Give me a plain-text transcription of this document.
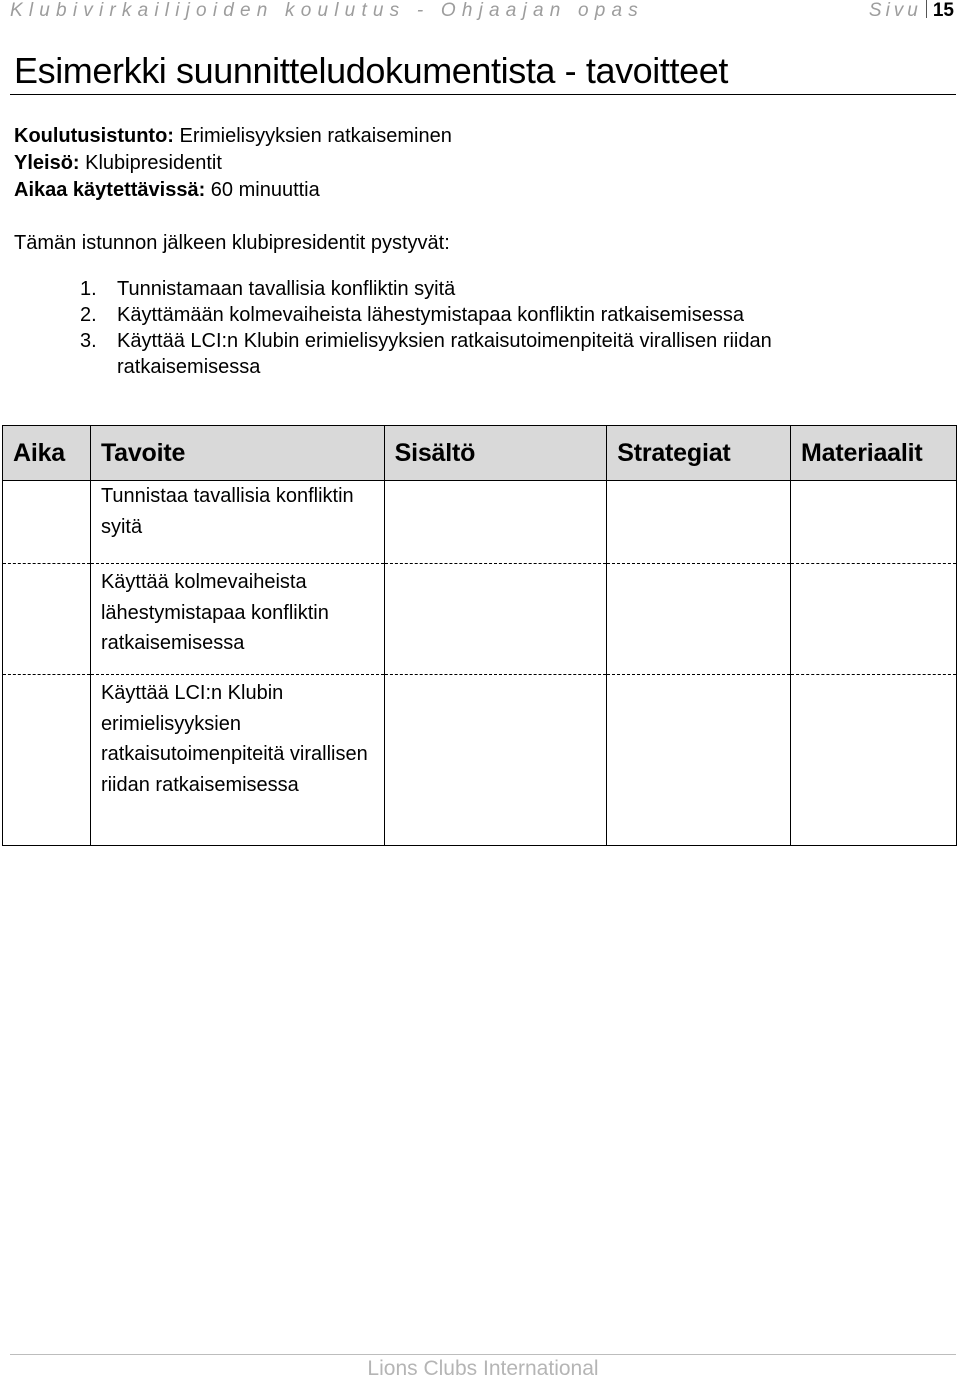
Klubivirkailijoiden koulutus - Ohjaajan opas	Sivu 15
Esimerkki suunnitteludokumentista - tavoitteet
Koulutusistunto: Erimielisyyksien ratkaiseminen
Yleisö: Klubipresidentit
Aikaa käytettävissä: 60 minuuttia
Tämän istunnon jälkeen klubipresidentit pystyvät:
1. Tunnistamaan tavallisia konfliktin syitä
2. Käyttämään kolmevaiheista lähestymistapaa konfliktin ratkaisemisessa
3. Käyttää LCI:n Klubin erimielisyyksien ratkaisutoimenpiteitä virallisen riidan ratkaisemisessa
Aika	Tavoite	Sisältö	Strategiat	Materiaalit

	Tunnistaa tavallisia konfliktin syitä			

	Käyttää kolmevaiheista lähestymistapaa konfliktin ratkaisemisessa			

	Käyttää LCI:n Klubin erimielisyyksien ratkaisutoimenpiteitä virallisen riidan ratkaisemisessa			

Lions Clubs International
